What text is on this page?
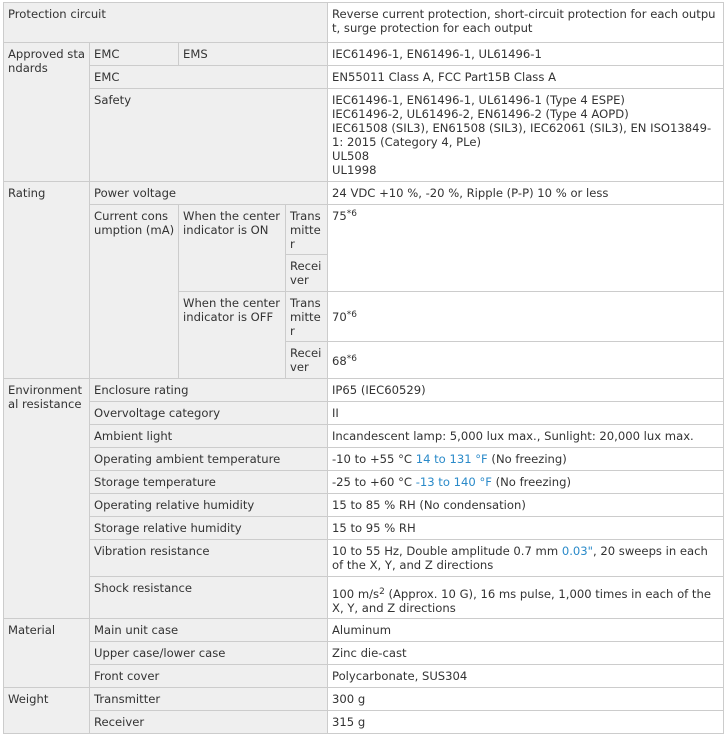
Protection circuit				Reverse current protection, short-circuit protection for each output, surge protection for each output
Approved standards	EMC	EMS		IEC61496-1, EN61496-1, UL61496-1
	EMC			EN55011 Class A, FCC Part15B Class A
	Safety			IEC61496-1, EN61496-1, UL61496-1 (Type 4 ESPE)
IEC61496-2, UL61496-2, EN61496-2 (Type 4 AOPD)
IEC61508 (SIL3), EN61508 (SIL3), IEC62061 (SIL3), EN ISO13849-1: 2015 (Category 4, PLe)
UL508
UL1998

Rating	Power voltage			24 VDC +10 %, -20 %, Ripple (P-P) 10 % or less
	Current consumption (mA)	When the center indicator is ON	Transmitter	75$^{*6}$
			Receiver	
		When the center indicator is OFF	Transmitter	70$^{*6}$
			Receiver	68$^{*6}$
Environmental resistance	Enclosure rating			IP65 (IEC60529)
	Overvoltage category			II
	Ambient light			Incandescent lamp: 5,000 lux max., Sunlight: 20,000 lux max.
	Operating ambient temperature			-10 to +55 °C 14 to 131 °F (No freezing)
	Storage temperature			-25 to +60 °C -13 to 140 °F (No freezing)
	Operating relative humidity			15 to 85 % RH (No condensation)
	Storage relative humidity			15 to 95 % RH
	Vibration resistance			10 to 55 Hz, Double amplitude 0.7 mm 0.03", 20 sweeps in each of the X, Y, and Z directions
	Shock resistance			100 $m/s^2$ (Approx. 10 G), 16 ms pulse, 1,000 times in each of the X, Y, and Z directions
Material	Main unit case			Aluminum
	Upper case/lower case			Zinc die-cast
	Front cover			Polycarbonate, SUS304
Weight	Transmitter			300 g
	Receiver			315 g
